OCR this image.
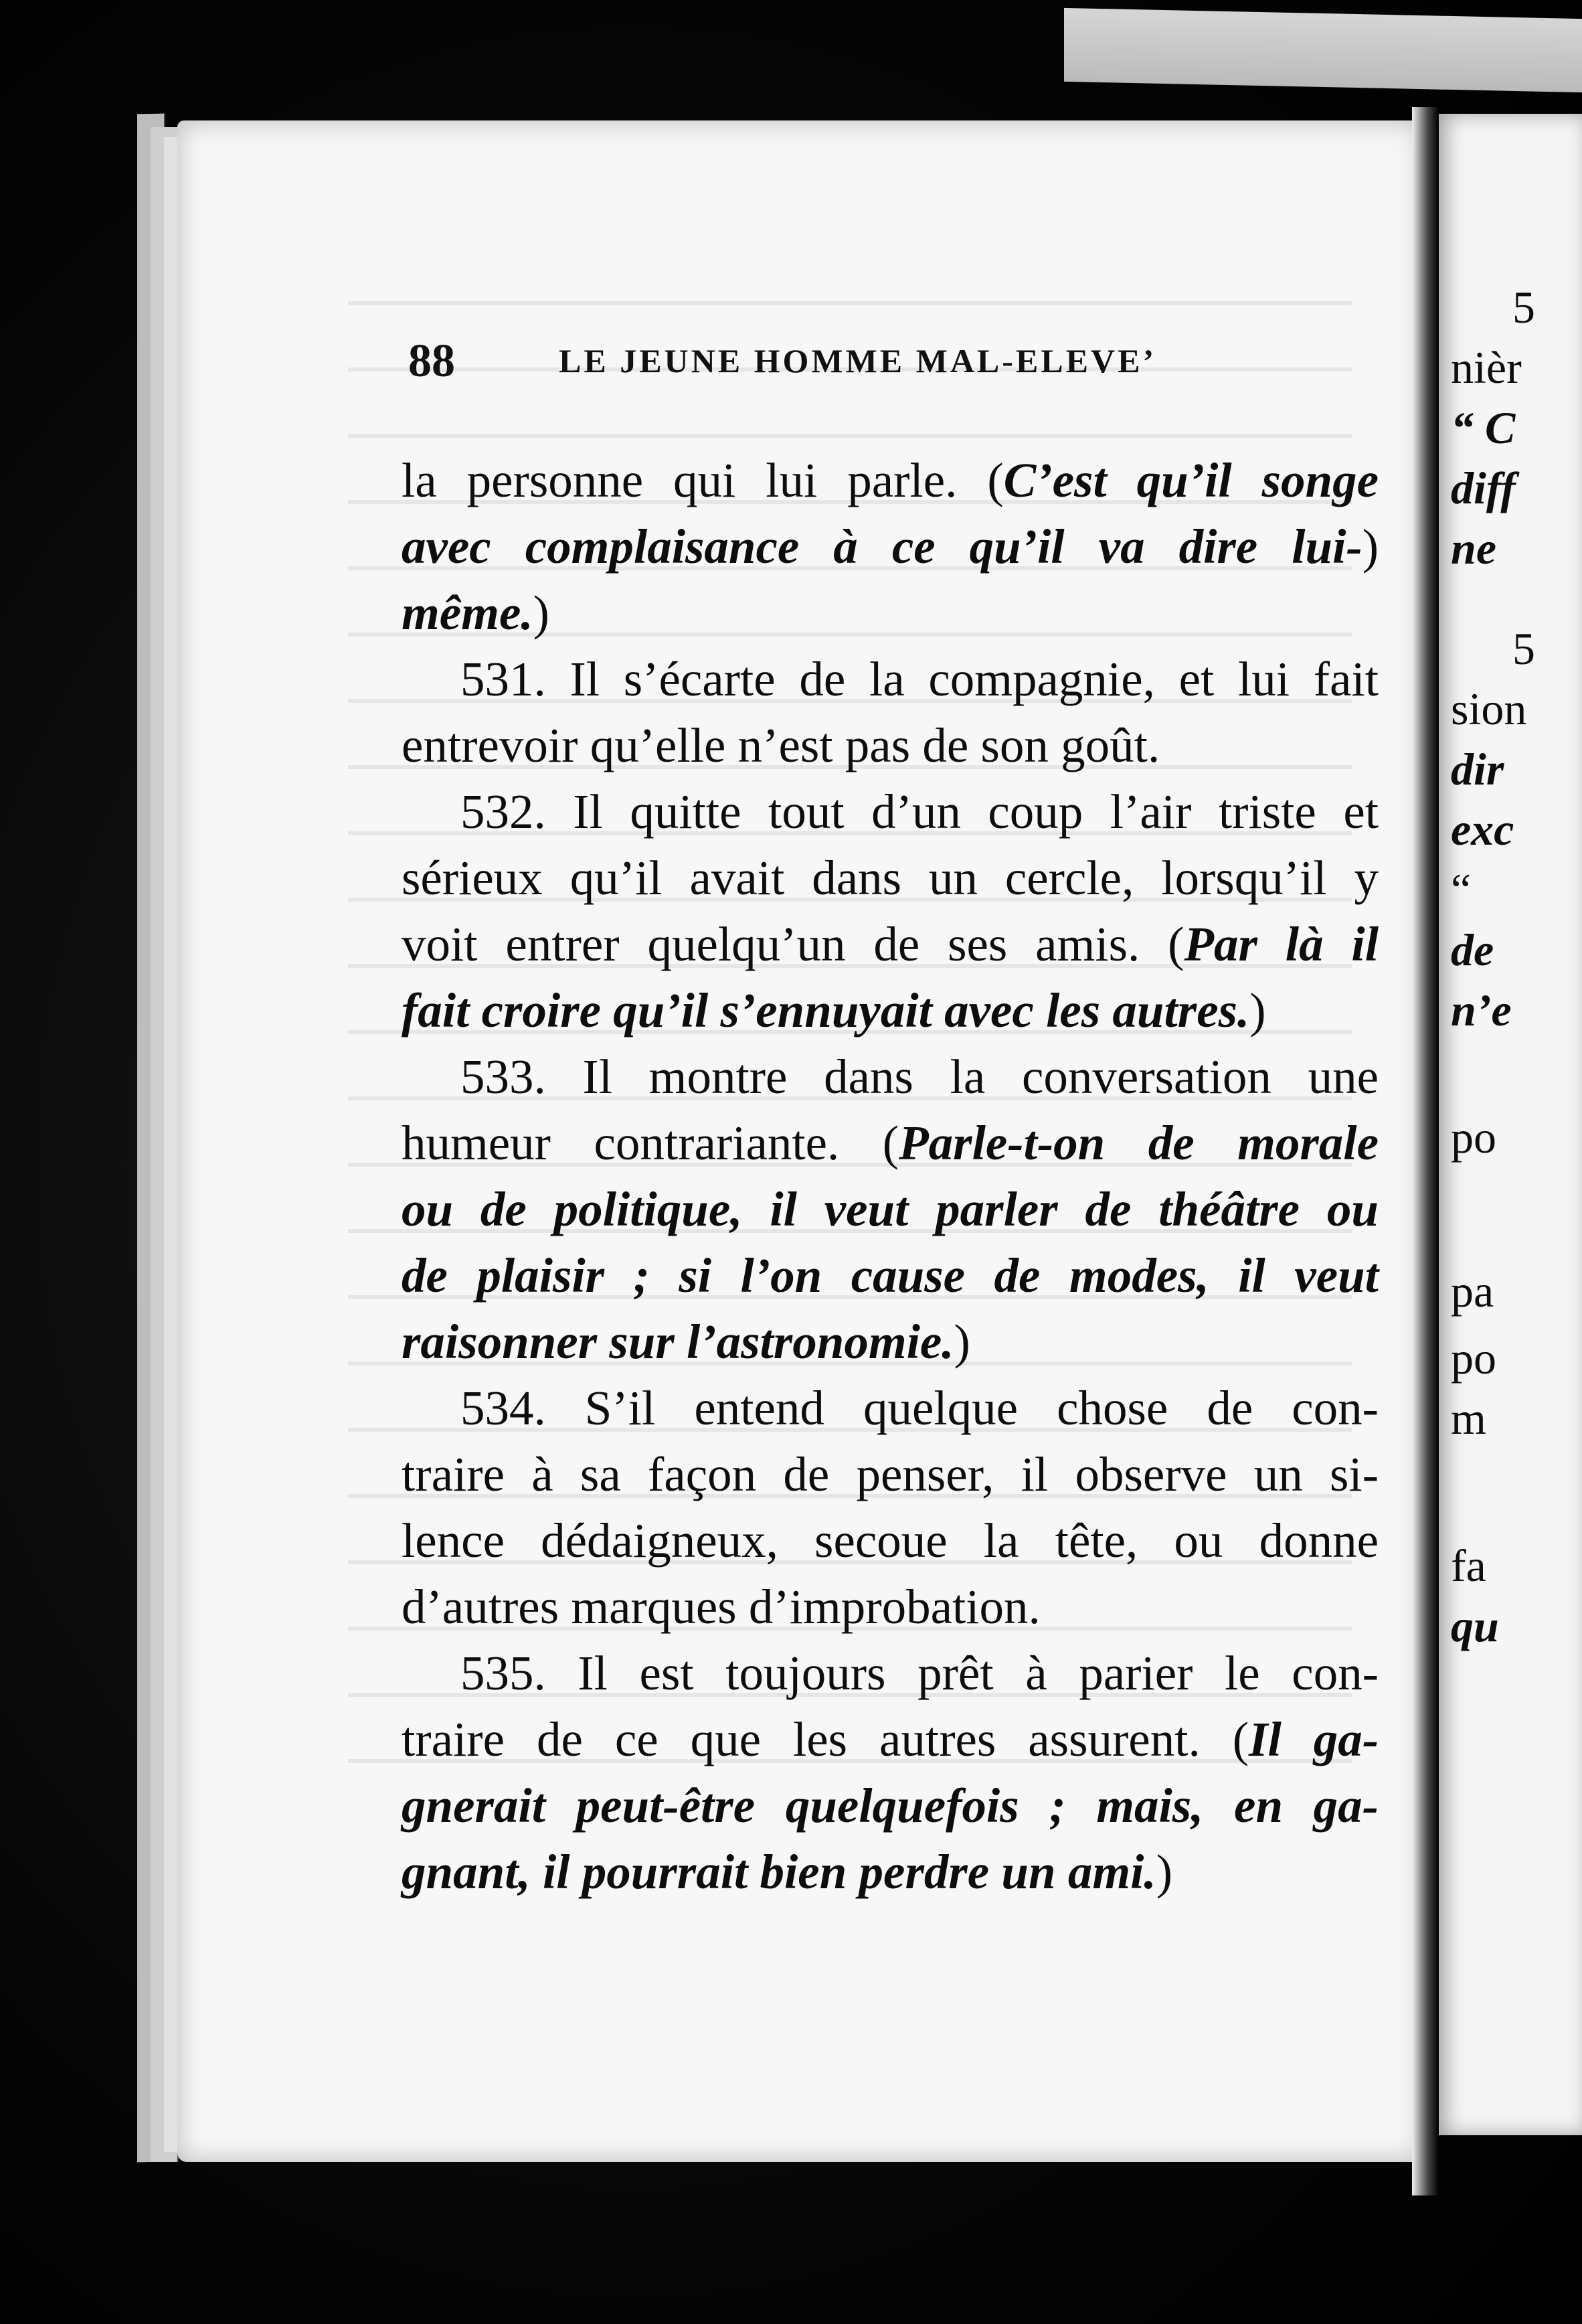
88	LE JEUNE HOMME MAL-ELEVE’
la personne qui lui parle. (C’est qu’il songe
avec complaisance à ce qu’il va dire lui-)
même.)
531. Il s’écarte de la compagnie, et lui fait
entrevoir qu’elle n’est pas de son goût.
532. Il quitte tout d’un coup l’air triste et
sérieux qu’il avait dans un cercle, lorsqu’il y
voit entrer quelqu’un de ses amis. (Par là il
fait croire qu’il s’ennuyait avec les autres.)
533. Il montre dans la conversation une
humeur contrariante. (Parle-t-on de morale
ou de politique, il veut parler de théâtre ou
de plaisir ; si l’on cause de modes, il veut
raisonner sur l’astronomie.)
534. S’il entend quelque chose de con-
traire à sa façon de penser, il observe un si-
lence dédaigneux, secoue la tête, ou donne
d’autres marques d’improbation.
535. Il est toujours prêt à parier le con-
traire de ce que les autres assurent. (Il ga-
gnerait peut-être quelquefois ; mais, en ga-
gnant, il pourrait bien perdre un ami.)
5
nièr
“ C
diff
ne
5
sion
dir
exc
“
de
n’e
po
pa
po
m
fa
qu
